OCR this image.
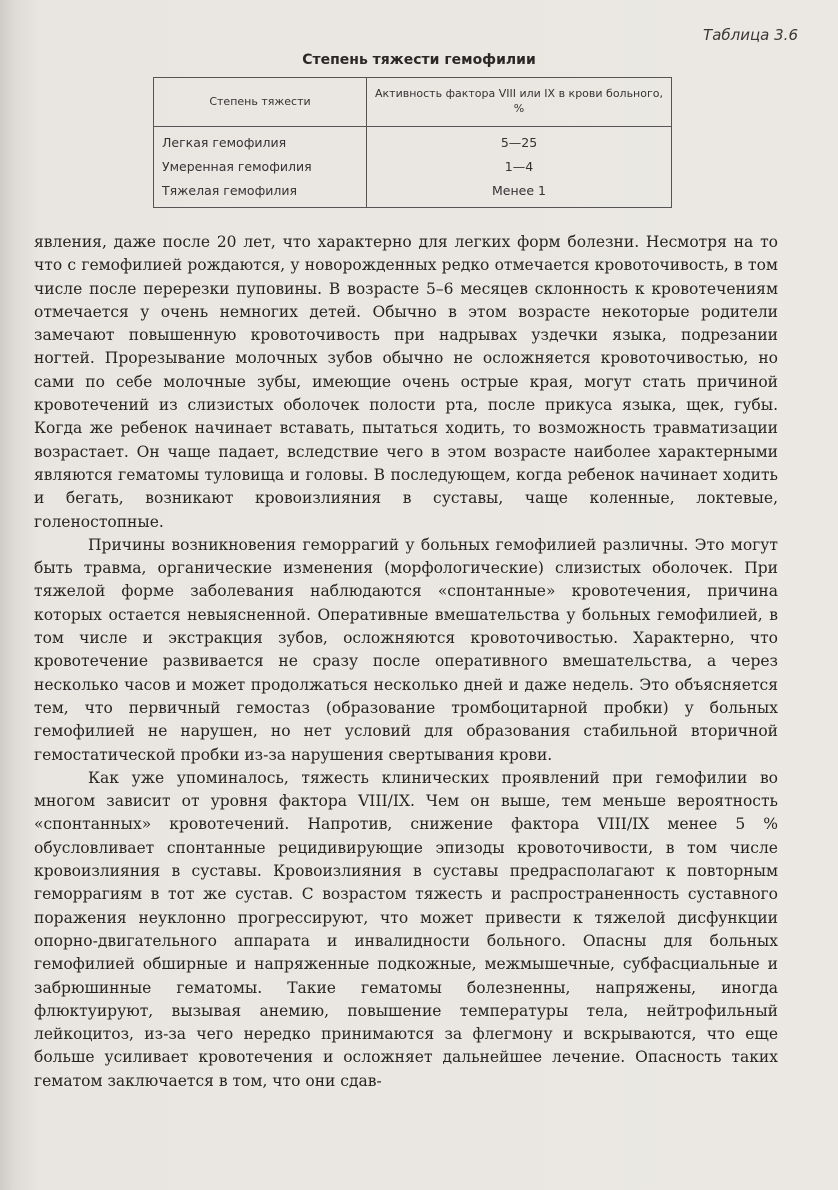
Таблица 3.6
Степень тяжести гемофилии
Степень тяжести	Активность фактора VIII или IX в крови больного, %
Легкая гемофилия	5—25
Умеренная гемофилия	1—4
Тяжелая гемофилия	Менее 1

явления, даже после 20 лет, что характерно для легких форм болезни. Несмотря на то что с гемофилией рождаются, у новорожденных редко отмечается кровоточивость, в том числе после перерезки пуповины. В возрасте 5–6 месяцев склонность к кровотечениям отмечается у очень немногих детей. Обычно в этом возрасте некоторые родители замечают повышенную кровоточивость при надрывах уздечки языка, подрезании ногтей. Прорезывание молочных зубов обычно не осложняется кровоточивостью, но сами по себе молочные зубы, имеющие очень острые края, могут стать причиной кровотечений из слизистых оболочек полости рта, после прикуса языка, щек, губы. Когда же ребенок начинает вставать, пытаться ходить, то возможность травматизации возрастает. Он чаще падает, вследствие чего в этом возрасте наиболее характерными являются гематомы туловища и головы. В последующем, когда ребенок начинает ходить и бегать, возникают кровоизлияния в суставы, чаще коленные, локтевые, голеностопные.

Причины возникновения геморрагий у больных гемофилией различны. Это могут быть травма, органические изменения (морфологические) слизистых оболочек. При тяжелой форме заболевания наблюдаются «спонтанные» кровотечения, причина которых остается невыясненной. Оперативные вмешательства у больных гемофилией, в том числе и экстракция зубов, осложняются кровоточивостью. Характерно, что кровотечение развивается не сразу после оперативного вмешательства, а через несколько часов и может продолжаться несколько дней и даже недель. Это объясняется тем, что первичный гемостаз (образование тромбоцитарной пробки) у больных гемофилией не нарушен, но нет условий для образования стабильной вторичной гемостатической пробки из-за нарушения свертывания крови.

Как уже упоминалось, тяжесть клинических проявлений при гемофилии во многом зависит от уровня фактора VIII/IX. Чем он выше, тем меньше вероятность «спонтанных» кровотечений. Напротив, снижение фактора VIII/IX менее 5 % обусловливает спонтанные рецидивирующие эпизоды кровоточивости, в том числе кровоизлияния в суставы. Кровоизлияния в суставы предрасполагают к повторным геморрагиям в тот же сустав. С возрастом тяжесть и распространенность суставного поражения неуклонно прогрессируют, что может привести к тяжелой дисфункции опорно-двигательного аппарата и инвалидности больного. Опасны для больных гемофилией обширные и напряженные подкожные, межмышечные, субфасциальные и забрюшинные гематомы. Такие гематомы болезненны, напряжены, иногда флюктуируют, вызывая анемию, повышение температуры тела, нейтрофильный лейкоцитоз, из-за чего нередко принимаются за флегмону и вскрываются, что еще больше усиливает кровотечения и осложняет дальнейшее лечение. Опасность таких гематом заключается в том, что они сдав-
